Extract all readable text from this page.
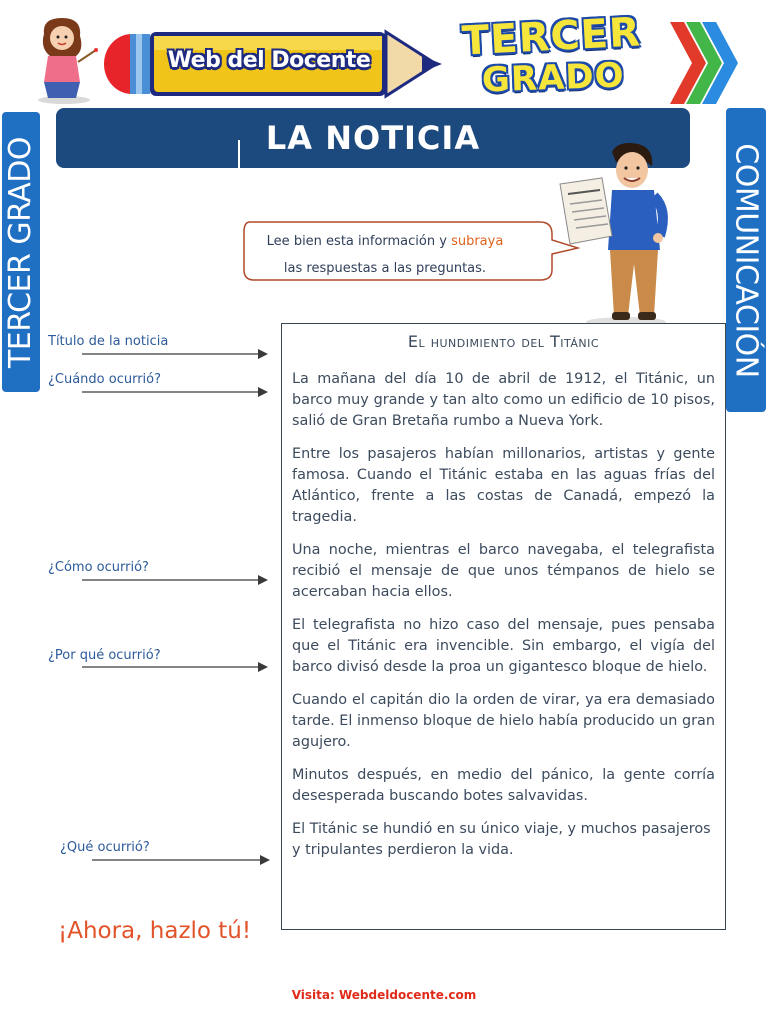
Web del Docente TERCER
GRADO
TERCER GRADO	COMUNICACIÓN
LA NOTICIA
Lee bien esta información y subraya
las respuestas a las preguntas.
Título de la noticia
¿Cuándo ocurrió?
¿Cómo ocurrió?
¿Por qué ocurrió?
¿Qué ocurrió?
El hundimiento del Titánic

La mañana del día 10 de abril de 1912, el Titánic, un barco muy grande y tan alto como un edificio de 10 pisos, salió de Gran Bretaña rumbo a Nueva York.

Entre los pasajeros habían millonarios, artistas y gente famosa. Cuando el Titánic estaba en las aguas frías del Atlántico, frente a las costas de Canadá, empezó la tragedia.

Una noche, mientras el barco navegaba, el telegrafista recibió el mensaje de que unos témpanos de hielo se acercaban hacia ellos.

El telegrafista no hizo caso del mensaje, pues pensaba que el Titánic era invencible. Sin embargo, el vigía del barco divisó desde la proa un gigantesco bloque de hielo.

Cuando el capitán dio la orden de virar, ya era demasiado tarde. El inmenso bloque de hielo había producido un gran agujero.

Minutos después, en medio del pánico, la gente corría desesperada buscando botes salvavidas.

El Titánic se hundió en su único viaje, y muchos pasajeros y tripulantes perdieron la vida.

¡Ahora, hazlo tú!
Visita: Webdeldocente.com
